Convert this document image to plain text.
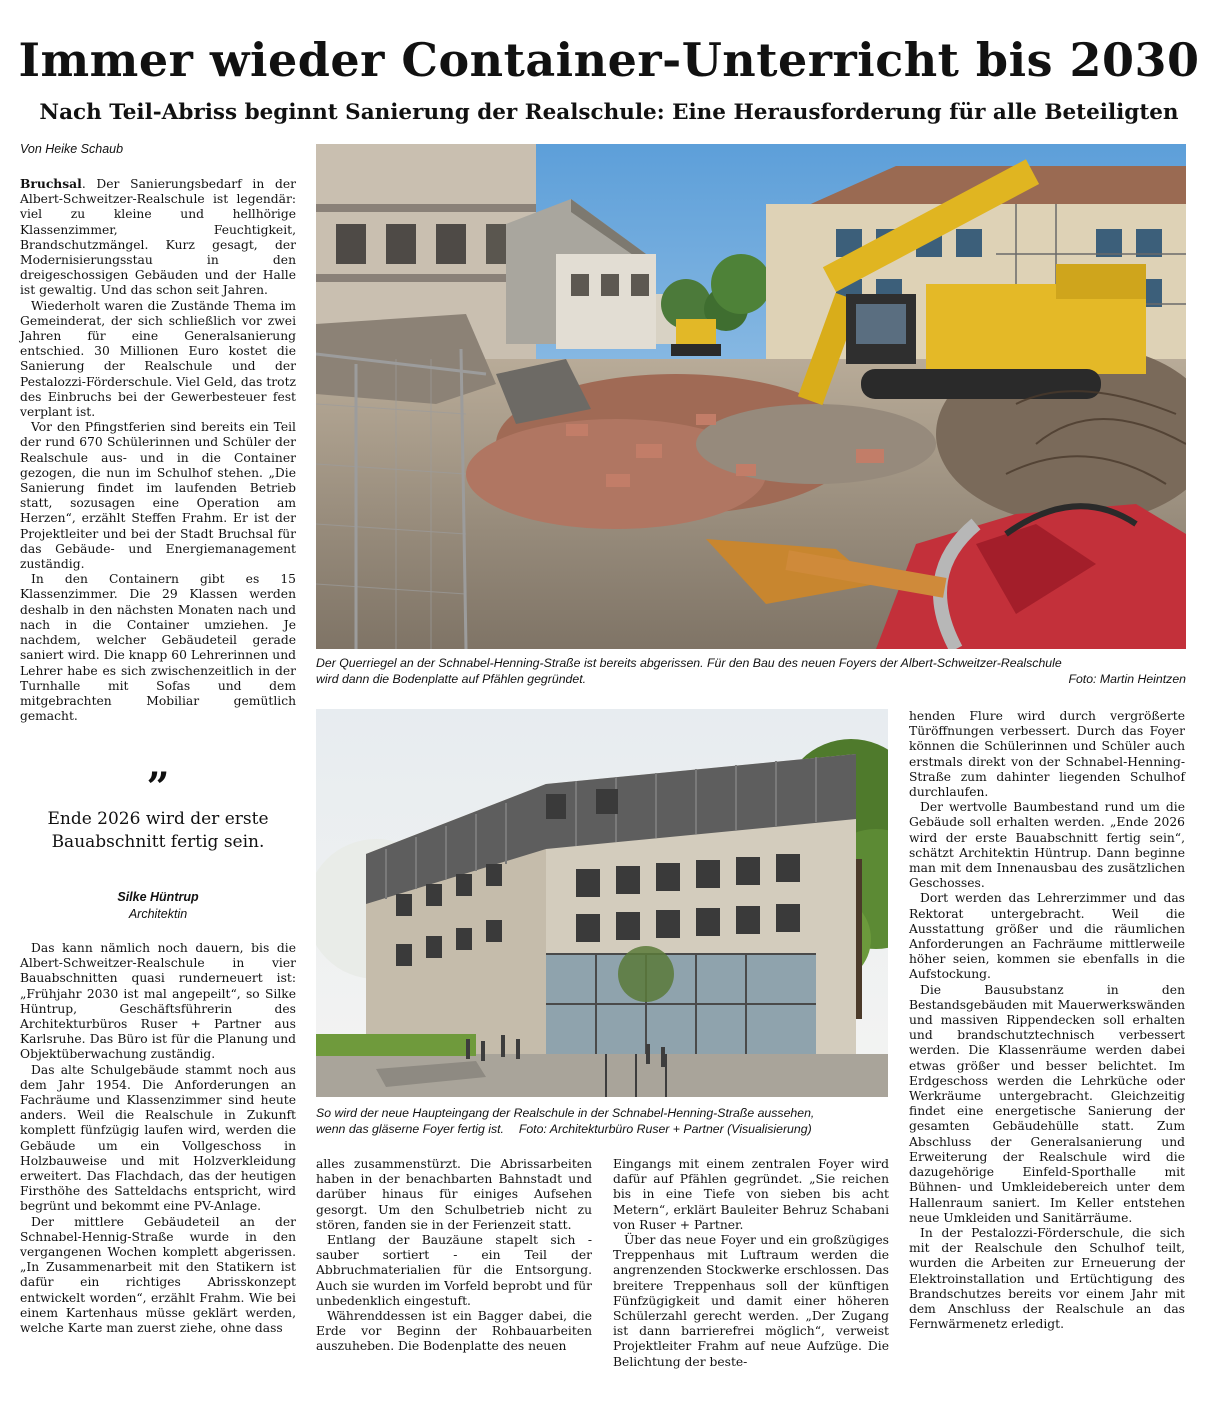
Immer wieder Container-Unterricht bis 2030
Nach Teil-Abriss beginnt Sanierung der Realschule: Eine Herausforderung für alle Beteiligten
Von Heike Schaub

Bruchsal. Der Sanierungsbedarf in der Albert-Schweitzer-Realschule ist legendär: viel zu kleine und hellhörige Klassenzimmer, Feuchtigkeit, Brandschutzmängel. Kurz gesagt, der Modernisierungsstau in den dreigeschossigen Gebäuden und der Halle ist gewaltig. Und das schon seit Jahren.

Wiederholt waren die Zustände Thema im Gemeinderat, der sich schließlich vor zwei Jahren für eine Generalsanierung entschied. 30 Millionen Euro kostet die Sanierung der Realschule und der Pestalozzi-Förderschule. Viel Geld, das trotz des Einbruchs bei der Gewerbesteuer fest verplant ist.

Vor den Pfingstferien sind bereits ein Teil der rund 670 Schülerinnen und Schüler der Realschule aus- und in die Container gezogen, die nun im Schulhof stehen. „Die Sanierung findet im laufenden Betrieb statt, sozusagen eine Operation am Herzen“, erzählt Steffen Frahm. Er ist der Projektleiter und bei der Stadt Bruchsal für das Gebäude- und Energiemanagement zuständig.

In den Containern gibt es 15 Klassenzimmer. Die 29 Klassen werden deshalb in den nächsten Monaten nach und nach in die Container umziehen. Je nachdem, welcher Gebäudeteil gerade saniert wird. Die knapp 60 Lehrerinnen und Lehrer habe es sich zwischenzeitlich in der Turnhalle mit Sofas und dem mitgebrachten Mobiliar gemütlich gemacht.

”
Ende 2026 wird der erste Bauabschnitt fertig sein.
Silke Hüntrup
Architektin

Das kann nämlich noch dauern, bis die Albert-Schweitzer-Realschule in vier Bauabschnitten quasi runderneuert ist: „Frühjahr 2030 ist mal angepeilt“, so Silke Hüntrup, Geschäftsführerin des Architekturbüros Ruser + Partner aus Karlsruhe. Das Büro ist für die Planung und Objektüberwachung zuständig.

Das alte Schulgebäude stammt noch aus dem Jahr 1954. Die Anforderungen an Fachräume und Klassenzimmer sind heute anders. Weil die Realschule in Zukunft komplett fünfzügig laufen wird, werden die Gebäude um ein Vollgeschoss in Holzbauweise und mit Holzverkleidung erweitert. Das Flachdach, das der heutigen Firsthöhe des Satteldachs entspricht, wird begrünt und bekommt eine PV-Anlage.

Der mittlere Gebäudeteil an der Schnabel-Hennig-Straße wurde in den vergangenen Wochen komplett abgerissen. „In Zusammenarbeit mit den Statikern ist dafür ein richtiges Abrisskonzept entwickelt worden“, erzählt Frahm. Wie bei einem Kartenhaus müsse geklärt werden, welche Karte man zuerst ziehe, ohne dass

Der Querriegel an der Schnabel-Henning-Straße ist bereits abgerissen. Für den Bau des neuen Foyers der Albert-Schweitzer-Realschule
wird dann die Bodenplatte auf Pfählen gegründet.	Foto: Martin Heintzen
So wird der neue Haupteingang der Realschule in der Schnabel-Henning-Straße aussehen,
wenn das gläserne Foyer fertig ist. Foto: Architekturbüro Ruser + Partner (Visualisierung)

alles zusammenstürzt. Die Abrissarbeiten haben in der benachbarten Bahnstadt und darüber hinaus für einiges Aufsehen gesorgt. Um den Schulbetrieb nicht zu stören, fanden sie in der Ferienzeit statt.

Entlang der Bauzäune stapelt sich - sauber sortiert - ein Teil der Abbruchmaterialien für die Entsorgung. Auch sie wurden im Vorfeld beprobt und für unbedenklich eingestuft.

Währenddessen ist ein Bagger dabei, die Erde vor Beginn der Rohbauarbeiten auszuheben. Die Bodenplatte des neuen

Eingangs mit einem zentralen Foyer wird dafür auf Pfählen gegründet. „Sie reichen bis in eine Tiefe von sieben bis acht Metern“, erklärt Bauleiter Behruz Schabani von Ruser + Partner.

Über das neue Foyer und ein großzügiges Treppenhaus mit Luftraum werden die angrenzenden Stockwerke erschlossen. Das breitere Treppenhaus soll der künftigen Fünfzügigkeit und damit einer höheren Schülerzahl gerecht werden. „Der Zugang ist dann barrierefrei möglich“, verweist Projektleiter Frahm auf neue Aufzüge. Die Belichtung der beste-

henden Flure wird durch vergrößerte Türöffnungen verbessert. Durch das Foyer können die Schülerinnen und Schüler auch erstmals direkt von der Schnabel-Henning-Straße zum dahinter liegenden Schulhof durchlaufen.

Der wertvolle Baumbestand rund um die Gebäude soll erhalten werden. „Ende 2026 wird der erste Bauabschnitt fertig sein“, schätzt Architektin Hüntrup. Dann beginne man mit dem Innenausbau des zusätzlichen Geschosses.

Dort werden das Lehrerzimmer und das Rektorat untergebracht. Weil die Ausstattung größer und die räumlichen Anforderungen an Fachräume mittlerweile höher seien, kommen sie ebenfalls in die Aufstockung.

Die Bausubstanz in den Bestandsgebäuden mit Mauerwerkswänden und massiven Rippendecken soll erhalten und brandschutztechnisch verbessert werden. Die Klassenräume werden dabei etwas größer und besser belichtet. Im Erdgeschoss werden die Lehrküche oder Werkräume untergebracht. Gleichzeitig findet eine energetische Sanierung der gesamten Gebäudehülle statt. Zum Abschluss der Generalsanierung und Erweiterung der Realschule wird die dazugehörige Einfeld-Sporthalle mit Bühnen- und Umkleidebereich unter dem Hallenraum saniert. Im Keller entstehen neue Umkleiden und Sanitärräume.

In der Pestalozzi-Förderschule, die sich mit der Realschule den Schulhof teilt, wurden die Arbeiten zur Erneuerung der Elektroinstallation und Ertüchtigung des Brandschutzes bereits vor einem Jahr mit dem Anschluss der Realschule an das Fernwärmenetz erledigt.
